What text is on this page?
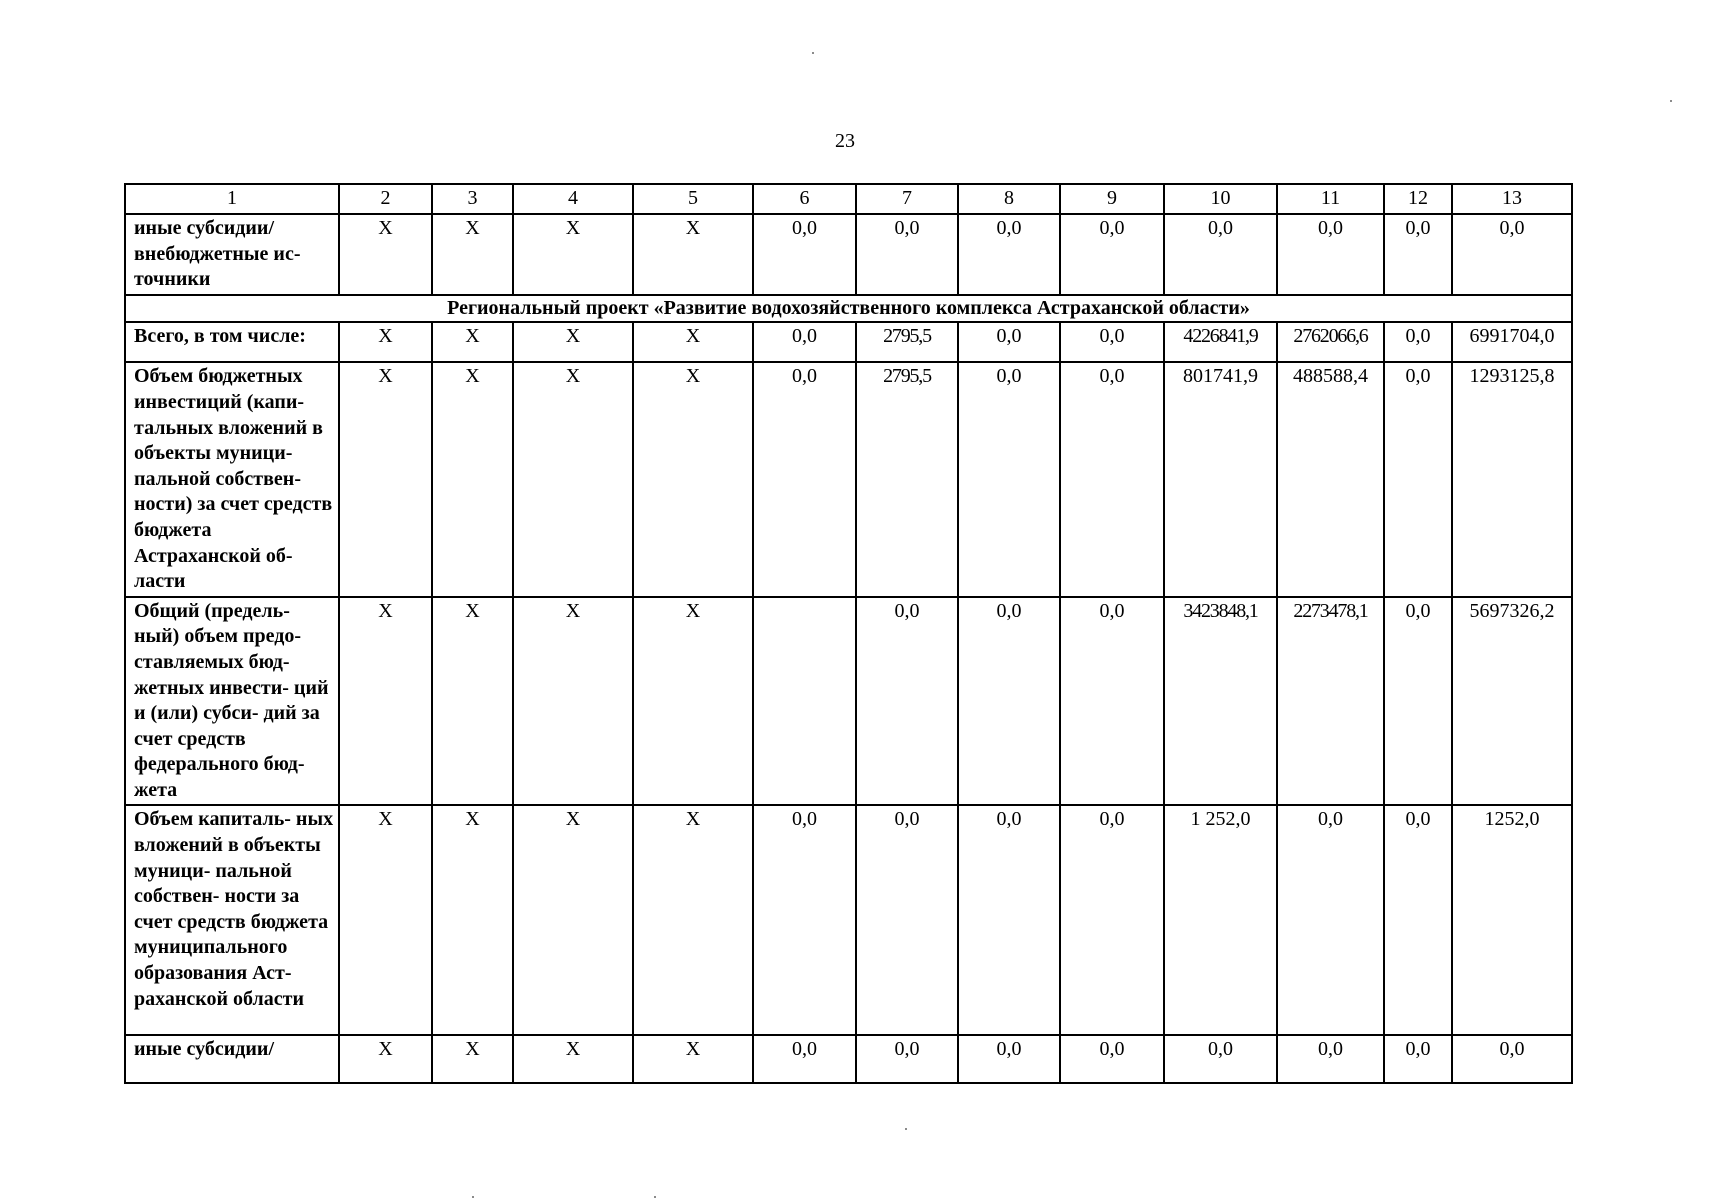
23
1	2	3	4	5	6	7	8	9	10	11	12	13
иные субсидии/ внебюджетные ис- точники	X	X	X	X	0,0	0,0	0,0	0,0	0,0	0,0	0,0	0,0
Региональный проект «Развитие водохозяйственного комплекса Астраханской области»												
Всего, в том числе:	X	X	X	X	0,0	2795,5	0,0	0,0	4226841,9	2762066,6	0,0	6991704,0
Объем бюджетных инвестиций (капи- тальных вложений в объекты муници- пальной собствен- ности) за счет средств бюджета Астраханской об- ласти	X	X	X	X	0,0	2795,5	0,0	0,0	801741,9	488588,4	0,0	1293125,8
Общий (предель- ный) объем предо- ставляемых бюд- жетных инвести- ций и (или) субси- дий за счет средств федерального бюд- жета	X	X	X	X		0,0	0,0	0,0	3423848,1	2273478,1	0,0	5697326,2
Объем капиталь- ных вложений в объекты муници- пальной собствен- ности за счет средств бюджета муниципального образования Аст- раханской области	X	X	X	X	0,0	0,0	0,0	0,0	1 252,0	0,0	0,0	1252,0
иные субсидии/	X	X	X	X	0,0	0,0	0,0	0,0	0,0	0,0	0,0	0,0
